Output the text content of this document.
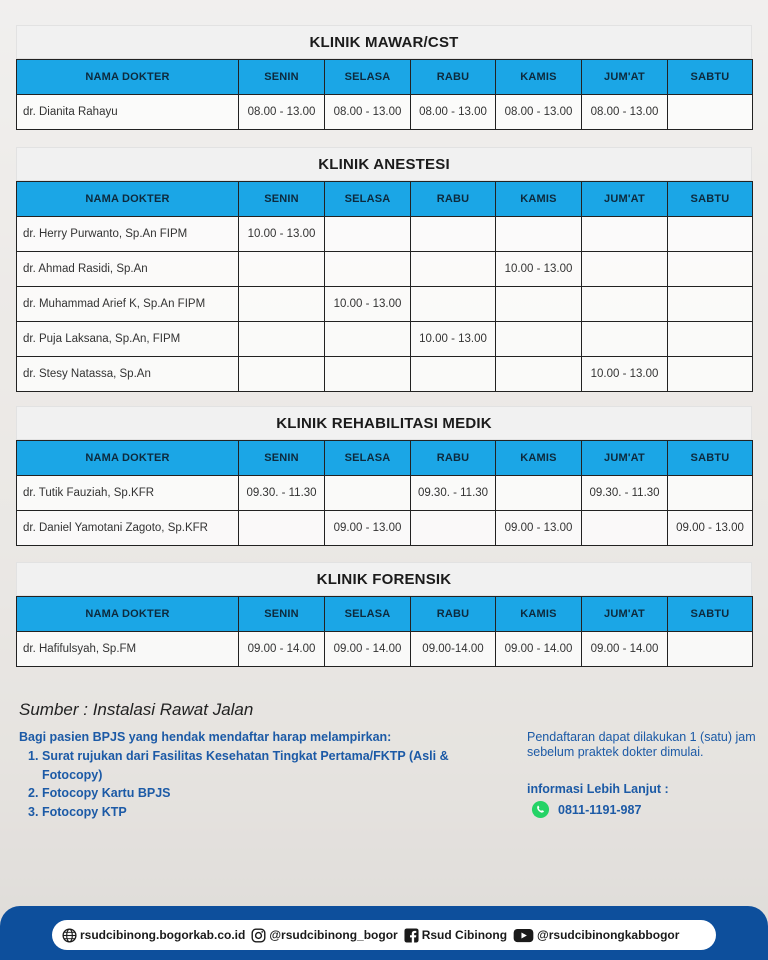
KLINIK MAWAR/CST
NAMA DOKTER	SENIN	SELASA	RABU	KAMIS	JUM'AT	SABTU
dr. Dianita Rahayu	08.00 - 13.00	08.00 - 13.00	08.00 - 13.00	08.00 - 13.00	08.00 - 13.00	
KLINIK ANESTESI
NAMA DOKTER	SENIN	SELASA	RABU	KAMIS	JUM'AT	SABTU
dr. Herry Purwanto, Sp.An FIPM	10.00 - 13.00					
dr. Ahmad Rasidi, Sp.An				10.00 - 13.00		
dr. Muhammad Arief K, Sp.An FIPM		10.00 - 13.00				
dr. Puja Laksana, Sp.An, FIPM			10.00 - 13.00			
dr. Stesy Natassa, Sp.An					10.00 - 13.00	
KLINIK REHABILITASI MEDIK
NAMA DOKTER	SENIN	SELASA	RABU	KAMIS	JUM'AT	SABTU
dr. Tutik Fauziah, Sp.KFR	09.30. - 11.30		09.30. - 11.30		09.30. - 11.30	
dr. Daniel Yamotani Zagoto, Sp.KFR		09.00 - 13.00		09.00 - 13.00		09.00 - 13.00
KLINIK FORENSIK
NAMA DOKTER	SENIN	SELASA	RABU	KAMIS	JUM'AT	SABTU
dr. Hafifulsyah, Sp.FM	09.00 - 14.00	09.00 - 14.00	09.00-14.00	09.00 - 14.00	09.00 - 14.00	
Sumber : Instalasi Rawat Jalan
Bagi pasien BPJS yang hendak mendaftar harap melampirkan:
1. Surat rujukan dari Fasilitas Kesehatan Tingkat Pertama/FKTP (Asli & Fotocopy)
2. Fotocopy Kartu BPJS
3. Fotocopy KTP
Pendaftaran dapat dilakukan 1 (satu) jam sebelum praktek dokter dimulai.
informasi Lebih Lanjut :
0811-1191-987
rsudcibinong.bogorkab.co.id @rsudcibinong_bogor Rsud Cibinong	@rsudcibinongkabbogor
